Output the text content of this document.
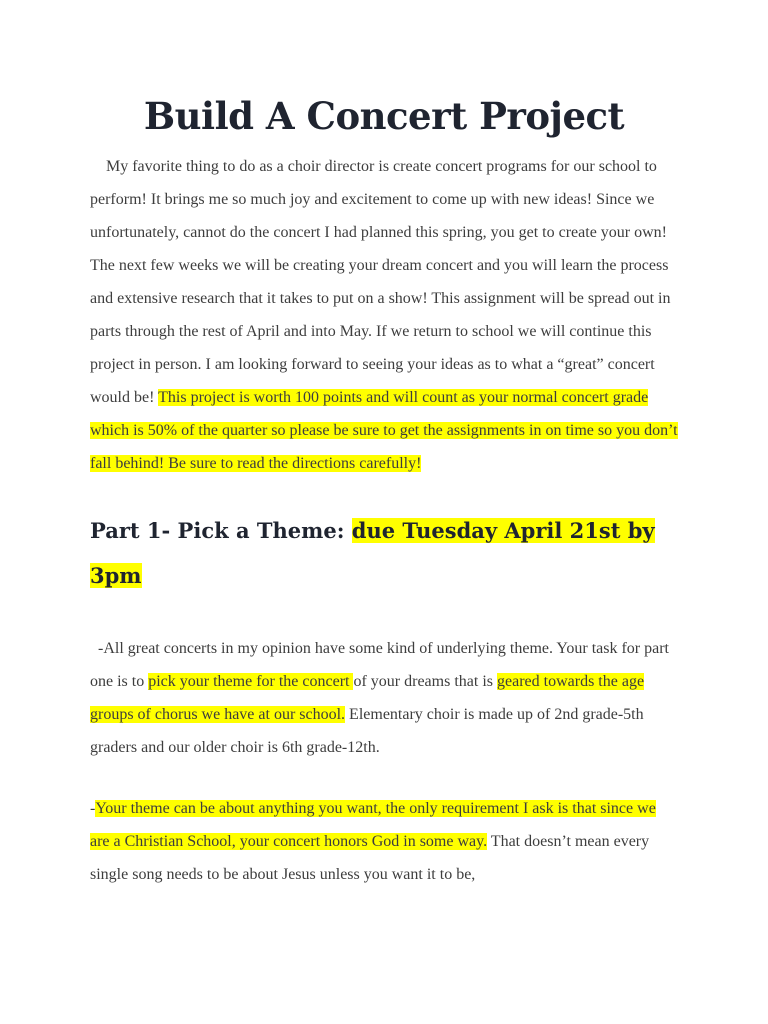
Build A Concert Project

My favorite thing to do as a choir director is create concert programs for our school to perform! It brings me so much joy and excitement to come up with new ideas! Since we unfortunately, cannot do the concert I had planned this spring, you get to create your own! The next few weeks we will be creating your dream concert and you will learn the process and extensive research that it takes to put on a show! This assignment will be spread out in parts through the rest of April and into May. If we return to school we will continue this project in person. I am looking forward to seeing your ideas as to what a “great” concert would be! This project is worth 100 points and will count as your normal concert grade which is 50% of the quarter so please be sure to get the assignments in on time so you don’t fall behind! Be sure to read the directions carefully!

Part 1- Pick a Theme: due Tuesday April 21st by 3pm

-All great concerts in my opinion have some kind of underlying theme. Your task for part one is to pick your theme for the concert of your dreams that is geared towards the age groups of chorus we have at our school. Elementary choir is made up of 2nd grade-5th graders and our older choir is 6th grade-12th.

-Your theme can be about anything you want, the only requirement I ask is that since we are a Christian School, your concert honors God in some way. That doesn’t mean every single song needs to be about Jesus unless you want it to be,
